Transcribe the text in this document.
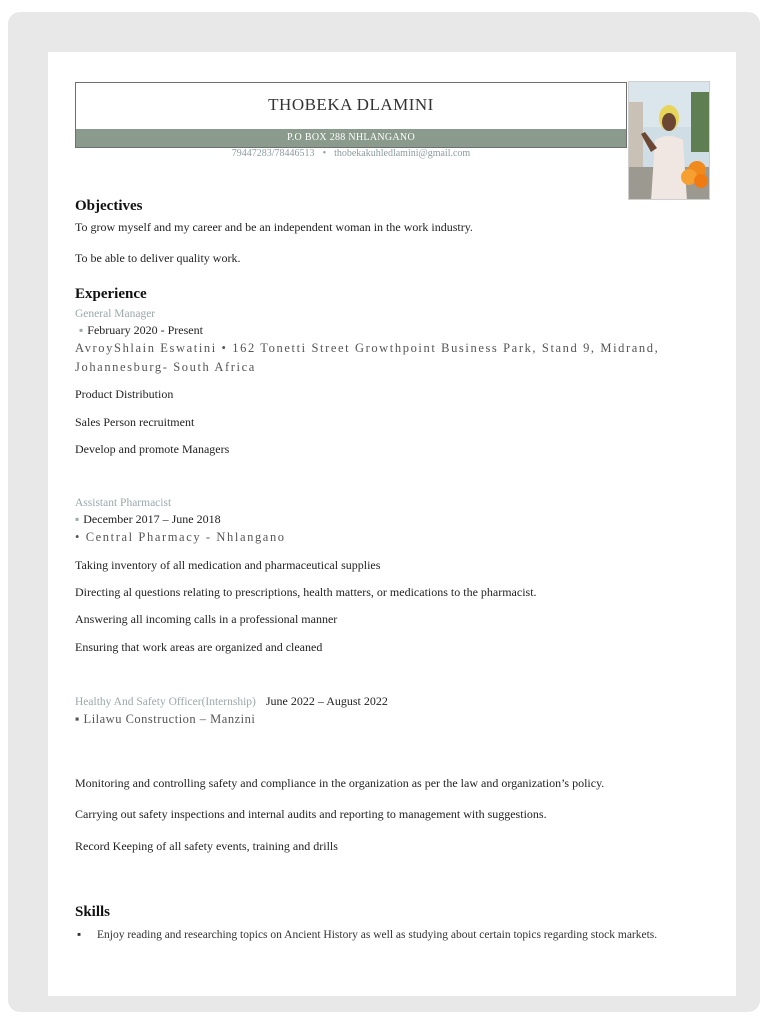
THOBEKA DLAMINI
P.O BOX 288 NHLANGANO
79447283/78446513 • thobekakuhledlamini@gmail.com
Objectives

To grow myself and my career and be an independent woman in the work industry.

To be able to deliver quality work.

Experience

General Manager

▪ February 2020 - Present

AvroyShlain Eswatini • 162 Tonetti Street Growthpoint Business Park, Stand 9, Midrand,

Johannesburg- South Africa

Product Distribution

Sales Person recruitment

Develop and promote Managers

Assistant Pharmacist

▪ December 2017 – June 2018

• Central Pharmacy - Nhlangano

Taking inventory of all medication and pharmaceutical supplies

Directing al questions relating to prescriptions, health matters, or medications to the pharmacist.

Answering all incoming calls in a professional manner

Ensuring that work areas are organized and cleaned

Healthy And Safety Officer(Internship) June 2022 – August 2022

▪ Lilawu Construction – Manzini

Monitoring and controlling safety and compliance in the organization as per the law and organization’s policy.

Carrying out safety inspections and internal audits and reporting to management with suggestions.

Record Keeping of all safety events, training and drills

Skills
▪ Enjoy reading and researching topics on Ancient History as well as studying about certain topics regarding stock markets.
